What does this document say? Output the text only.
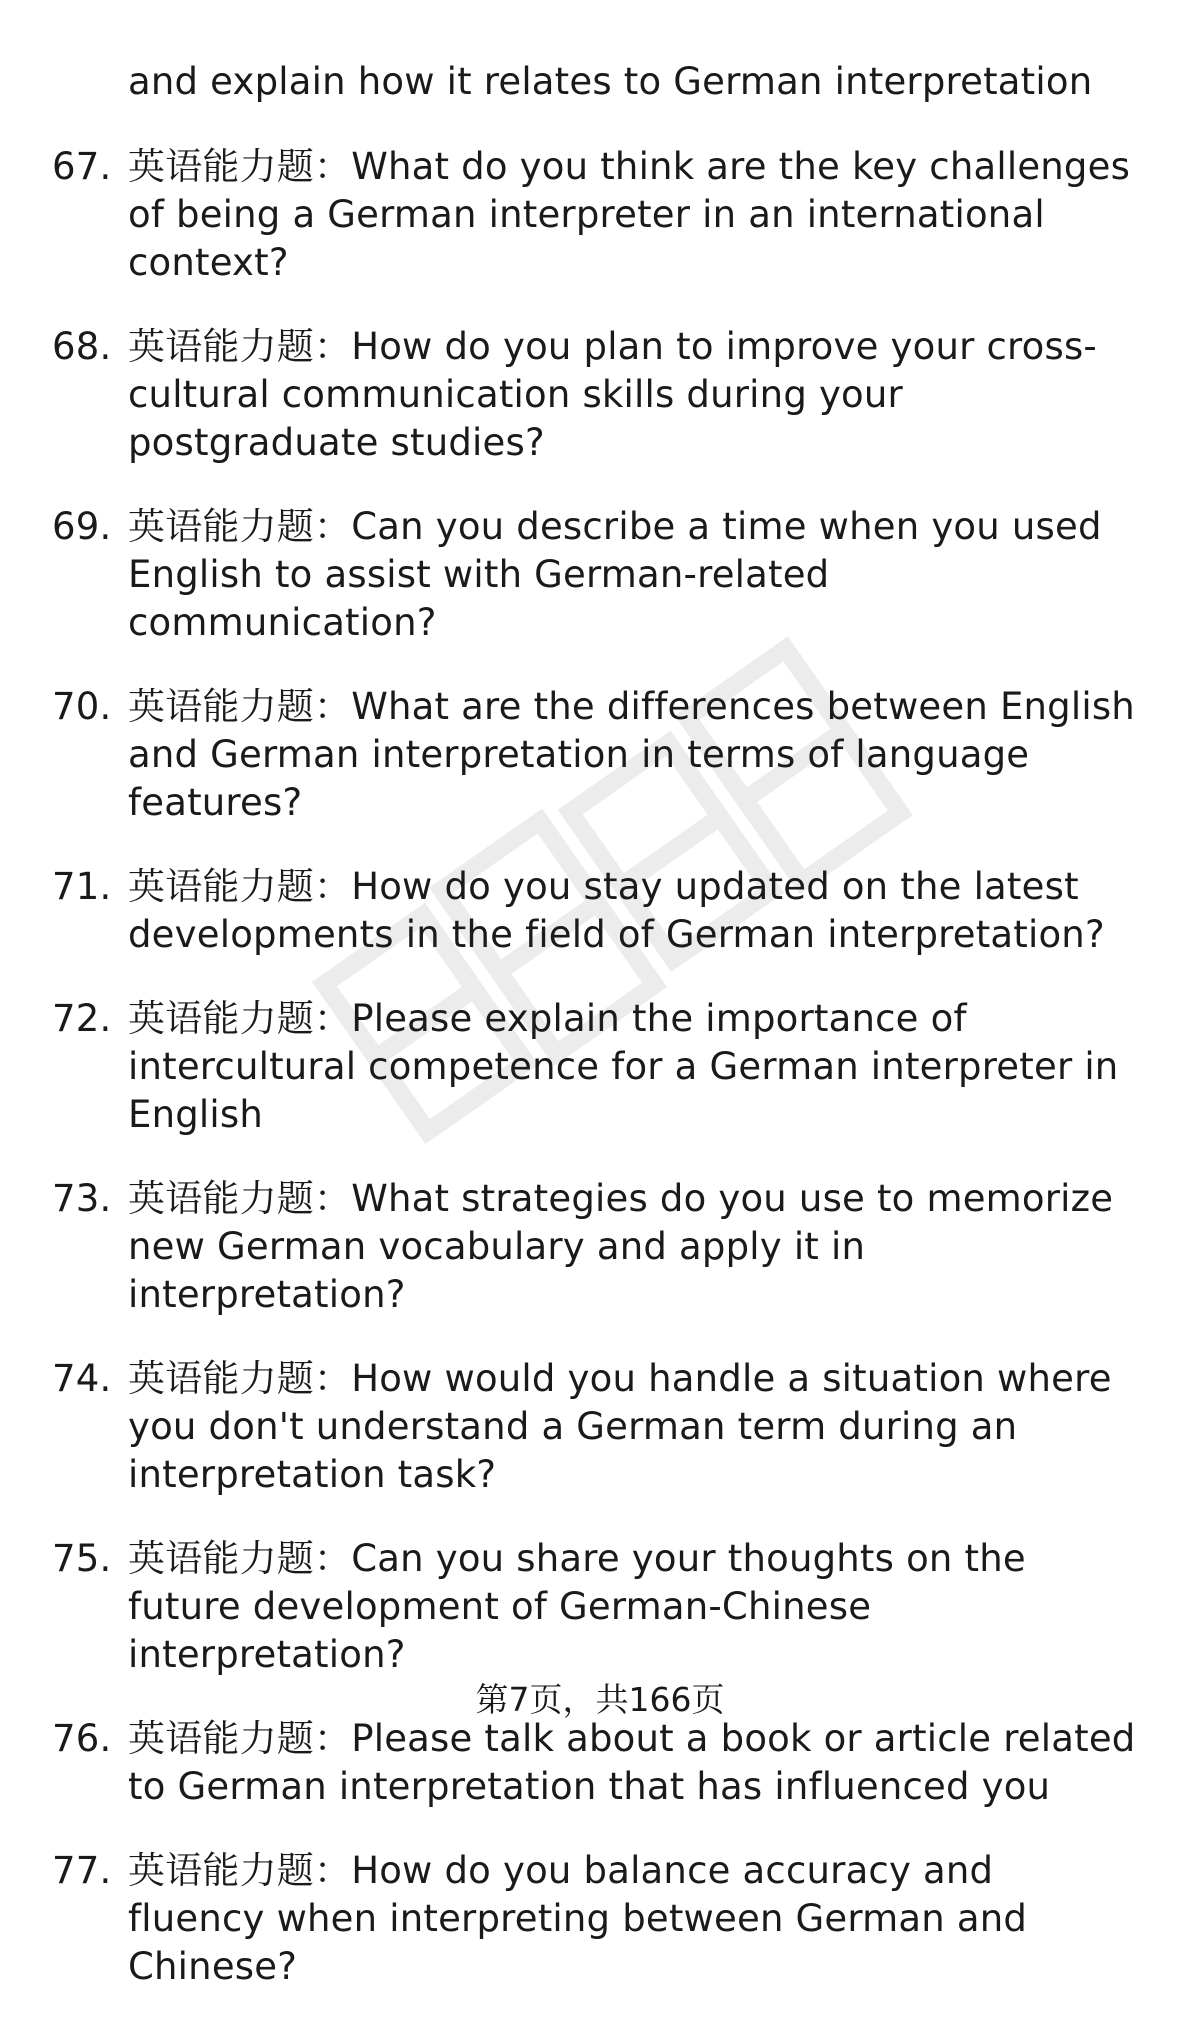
and explain how it relates to German interpretation
67. 英语能力题：What do you think are the key challenges of being a German interpreter in an international context?
68. 英语能力题：How do you plan to improve your cross-cultural communication skills during your postgraduate studies?
69. 英语能力题：Can you describe a time when you used English to assist with German-related communication?
70. 英语能力题：What are the differences between English and German interpretation in terms of language features?
71. 英语能力题：How do you stay updated on the latest developments in the field of German interpretation?
72. 英语能力题：Please explain the importance of intercultural competence for a German interpreter in English
73. 英语能力题：What strategies do you use to memorize new German vocabulary and apply it in interpretation?
74. 英语能力题：How would you handle a situation where you don't understand a German term during an interpretation task?
75. 英语能力题：Can you share your thoughts on the future development of German-Chinese interpretation?
76. 英语能力题：Please talk about a book or article related to German interpretation that has influenced you
77. 英语能力题：How do you balance accuracy and fluency when interpreting between German and Chinese?
第7页，共166页
